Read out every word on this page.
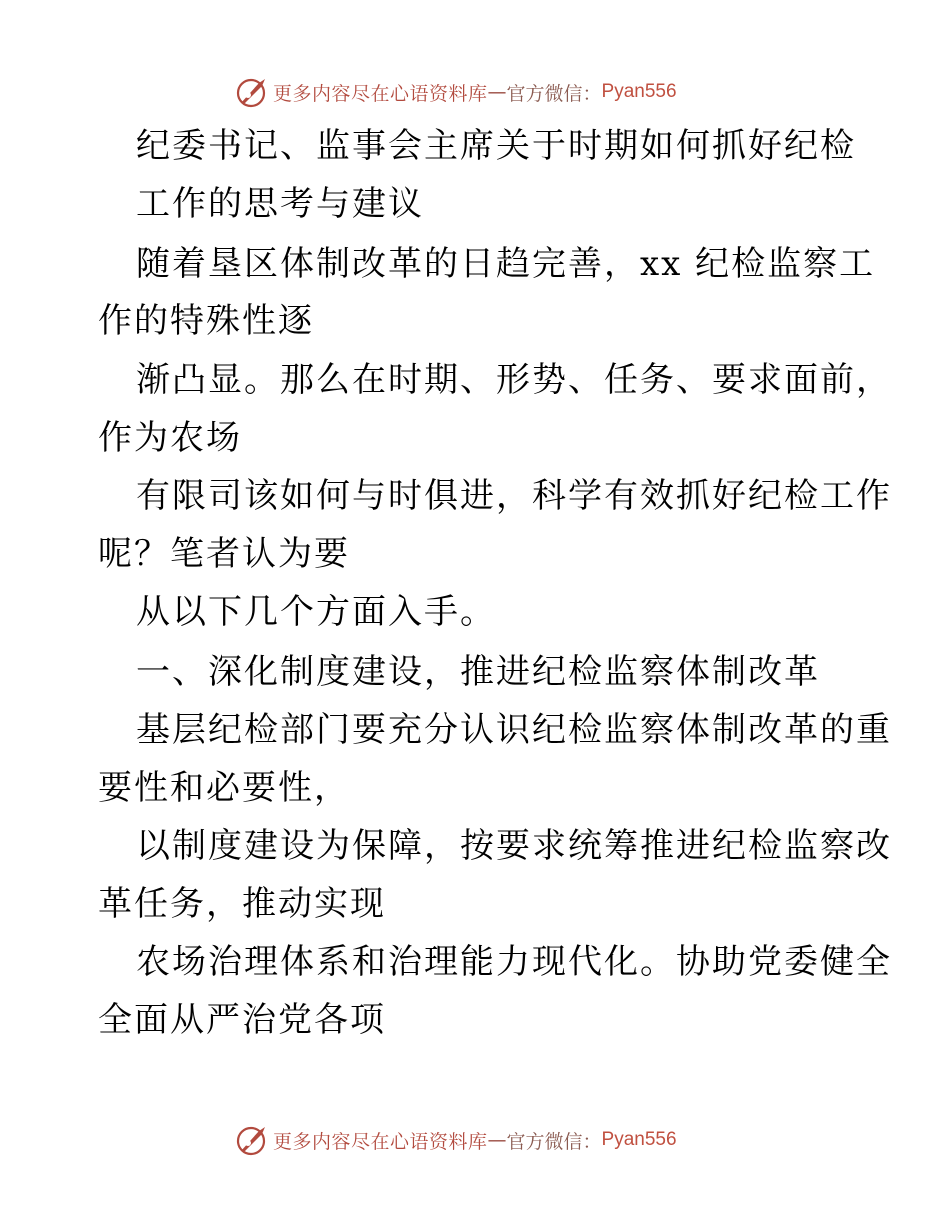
更多内容尽在心语资料库 — 官方微信： Pyan556
纪委书记、监事会主席关于时期如何抓好纪检
工作的思考与建议
随着垦区体制改革的日趋完善，xx 纪检监察工
作的特殊性逐
渐凸显。那么在时期、形势、任务、要求面前，
作为农场
有限司该如何与时俱进，科学有效抓好纪检工作
呢？笔者认为要
从以下几个方面入手。
一、深化制度建设，推进纪检监察体制改革
基层纪检部门要充分认识纪检监察体制改革的重
要性和必要性，
以制度建设为保障，按要求统筹推进纪检监察改
革任务，推动实现
农场治理体系和治理能力现代化。协助党委健全
全面从严治党各项
更多内容尽在心语资料库 — 官方微信： Pyan556
